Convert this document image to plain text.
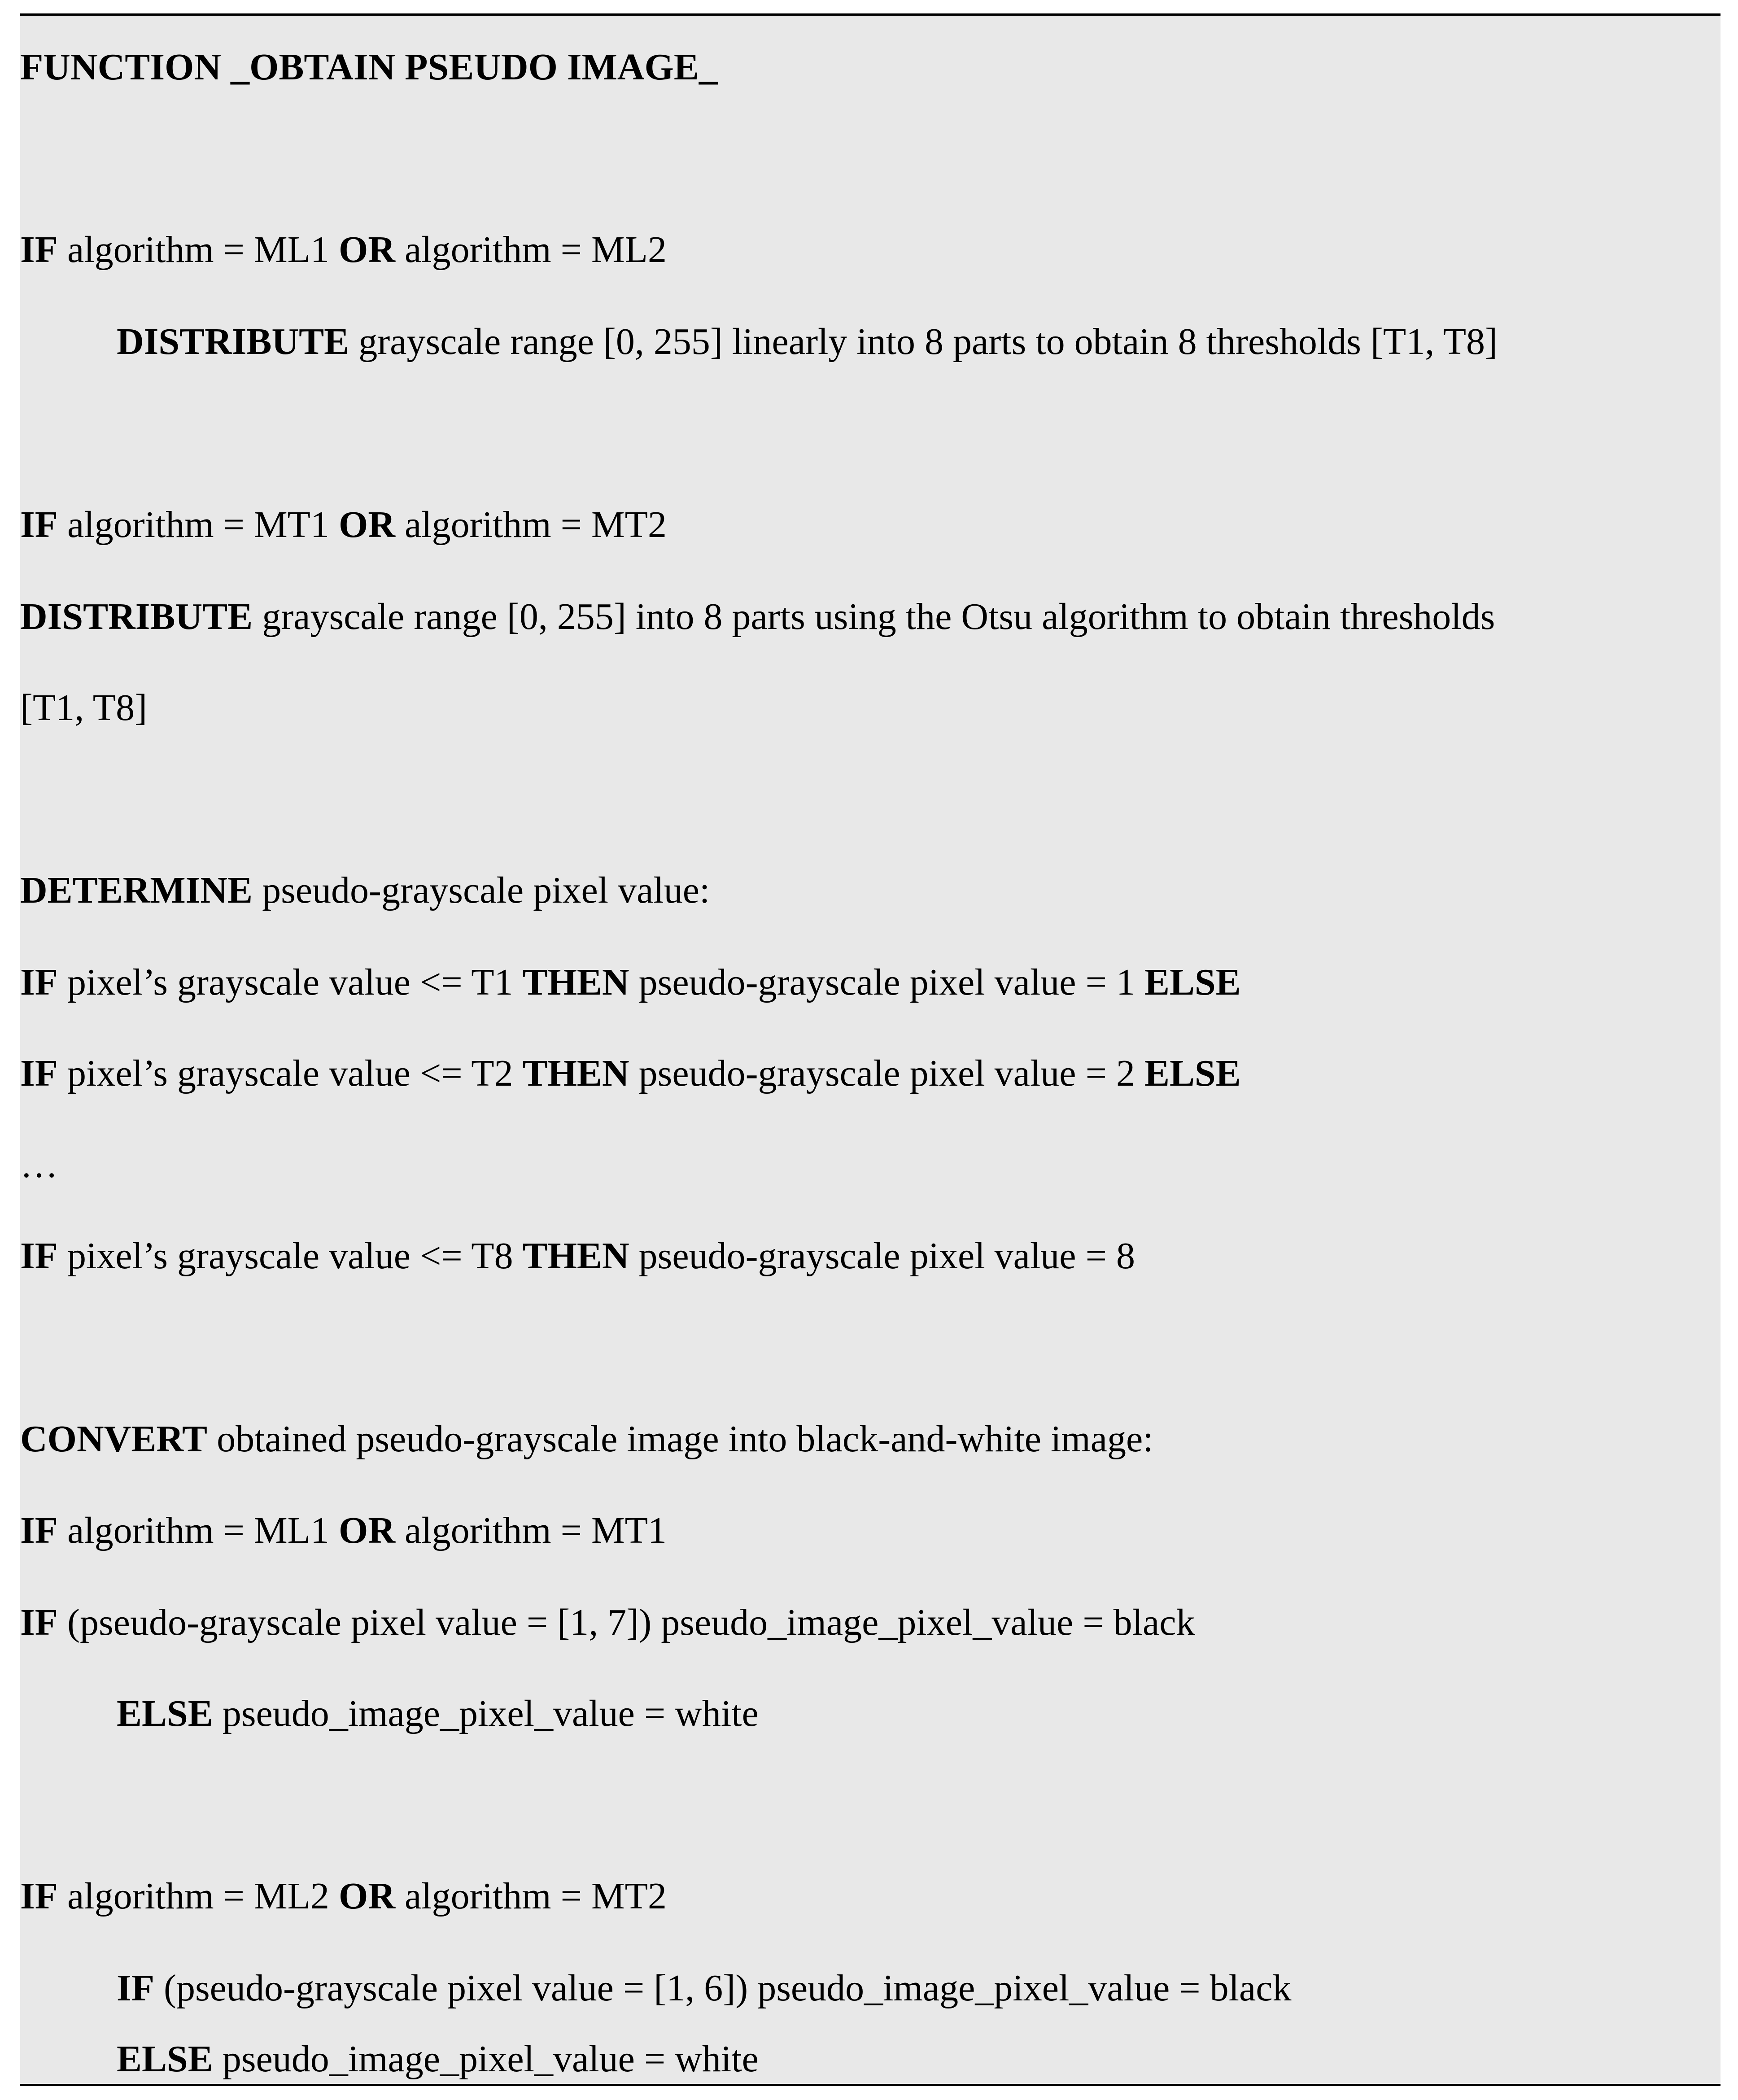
FUNCTION _OBTAIN PSEUDO IMAGE_
IF algorithm = ML1 OR algorithm = ML2
DISTRIBUTE grayscale range [0, 255] linearly into 8 parts to obtain 8 thresholds [T1, T8]
IF algorithm = MT1 OR algorithm = MT2
DISTRIBUTE grayscale range [0, 255] into 8 parts using the Otsu algorithm to obtain thresholds
[T1, T8]
DETERMINE pseudo-grayscale pixel value:
IF pixel’s grayscale value <= T1 THEN pseudo-grayscale pixel value = 1 ELSE
IF pixel’s grayscale value <= T2 THEN pseudo-grayscale pixel value = 2 ELSE
…
IF pixel’s grayscale value <= T8 THEN pseudo-grayscale pixel value = 8
CONVERT obtained pseudo-grayscale image into black-and-white image:
IF algorithm = ML1 OR algorithm = MT1
IF (pseudo-grayscale pixel value = [1, 7]) pseudo_image_pixel_value = black
ELSE pseudo_image_pixel_value = white
IF algorithm = ML2 OR algorithm = MT2
IF (pseudo-grayscale pixel value = [1, 6]) pseudo_image_pixel_value = black
ELSE pseudo_image_pixel_value = white
